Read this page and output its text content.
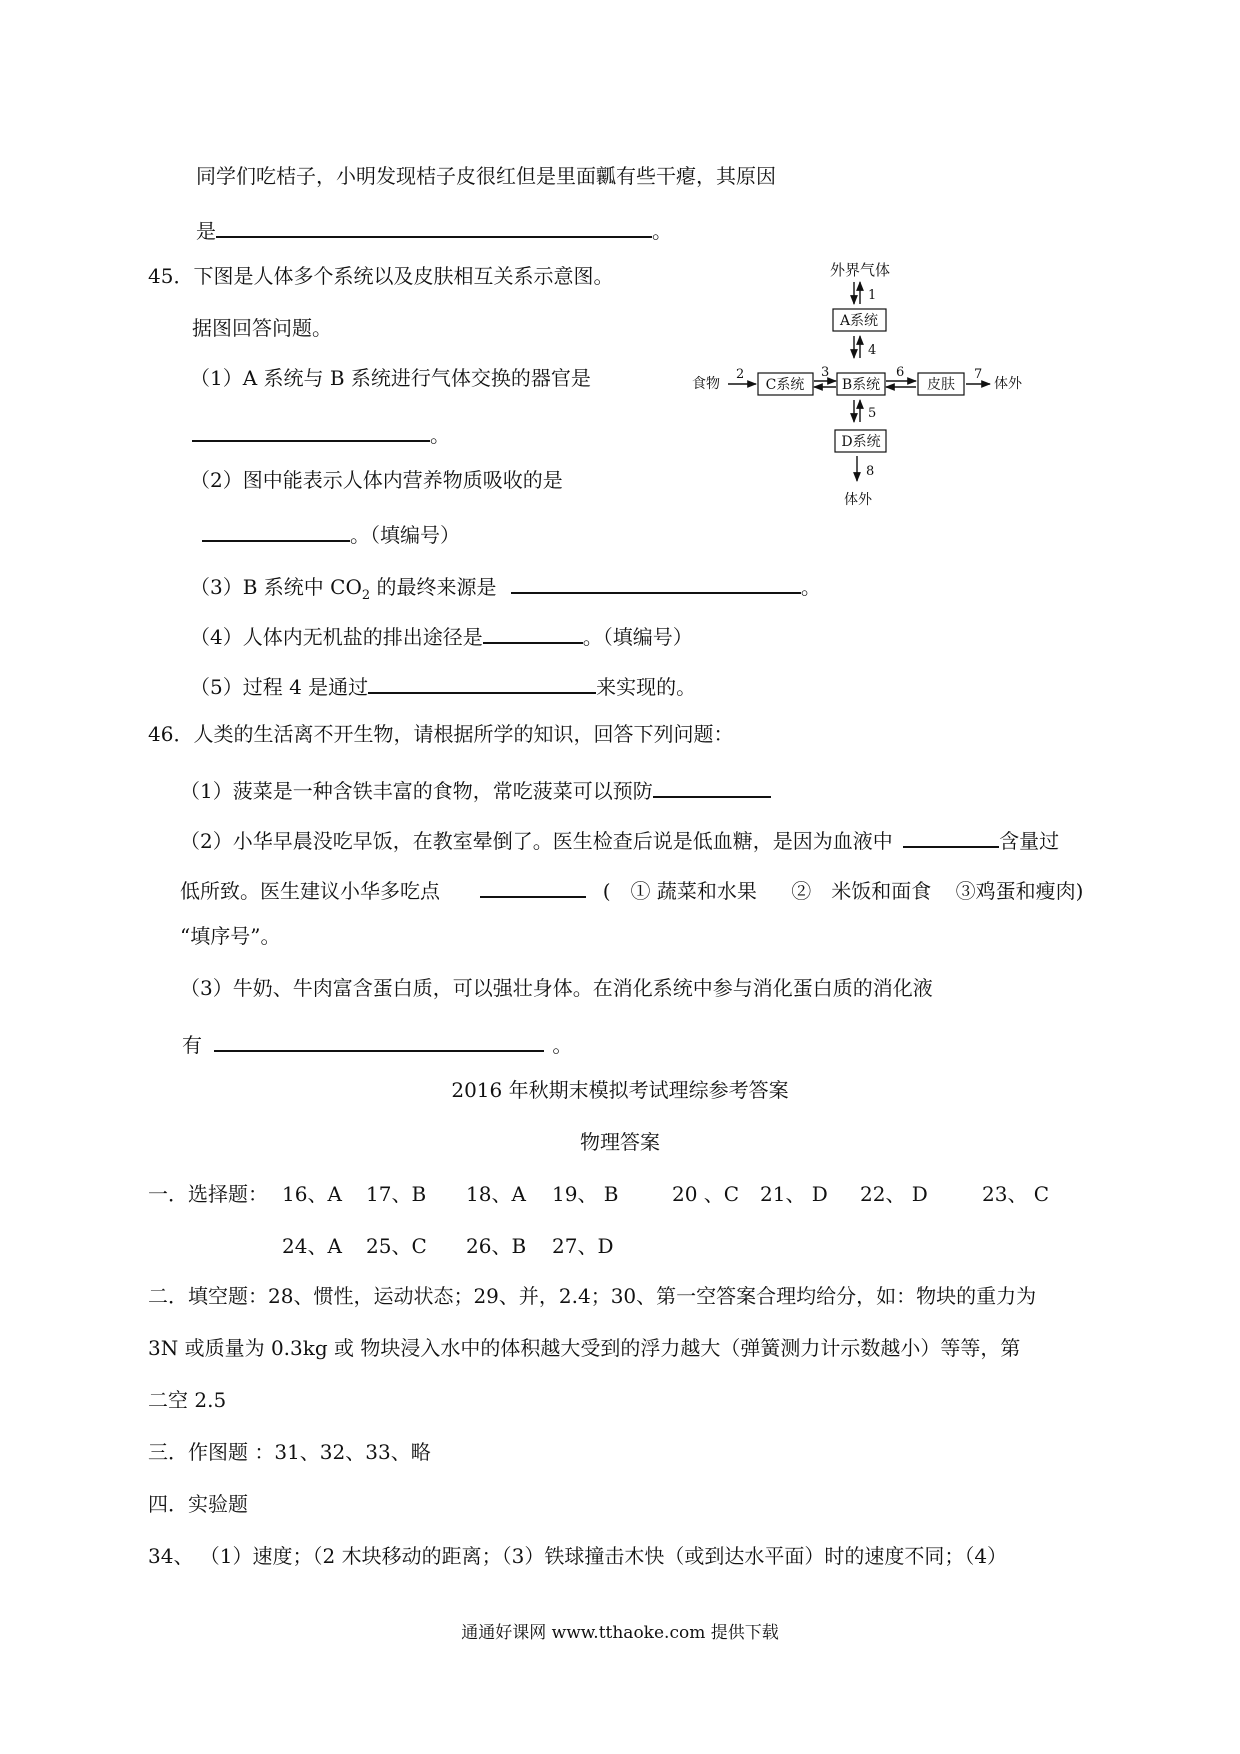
同学们吃桔子，小明发现桔子皮很红但是里面瓤有些干瘪，其原因
是	。
45．下图是人体多个系统以及皮肤相互关系示意图。
据图回答问题。
（1）A 系统与 B 系统进行气体交换的器官是
。
（2）图中能表示人体内营养物质吸收的是
。（填编号）
（3）B 系统中 $CO_2$ 的最终来源是	。
（4）人体内无机盐的排出途径是	。（填编号）
（5）过程 4 是通过	来实现的。
外界气体
1
A系统
4
食物
2
C系统
3
B系统
6
皮肤
7
体外
5
D系统
8
体外
46．人类的生活离不开生物，请根据所学的知识，回答下列问题：
（1）菠菜是一种含铁丰富的食物，常吃菠菜可以预防
（2）小华早晨没吃早饭，在教室晕倒了。医生检查后说是低血糖，是因为血液中	含量过
低所致。医生建议小华多吃点	(　① 蔬菜和水果 ②　米饭和面食 ③鸡蛋和瘦肉)
“填序号”。
（3）牛奶、牛肉富含蛋白质，可以强壮身体。在消化系统中参与消化蛋白质的消化液
有	。
2016 年秋期末模拟考试理综参考答案
物理答案
一．选择题： 16、A 17、B 18、A 19、 B	20 、C 21、 D 22、 D	23、 C
24、A 25、C 26、B 27、D
二．填空题：28、惯性，运动状态；29、并，2.4；30、第一空答案合理均给分，如：物块的重力为
3N 或质量为 0.3kg 或 物块浸入水中的体积越大受到的浮力越大（弹簧测力计示数越小）等等，第
二空 2.5
三．作图题 ：31、32、33、略
四．实验题
34、 （1）速度；（2 木块移动的距离；（3）铁球撞击木快（或到达水平面）时的速度不同；（4）
通通好课网 www.tthaoke.com 提供下载
